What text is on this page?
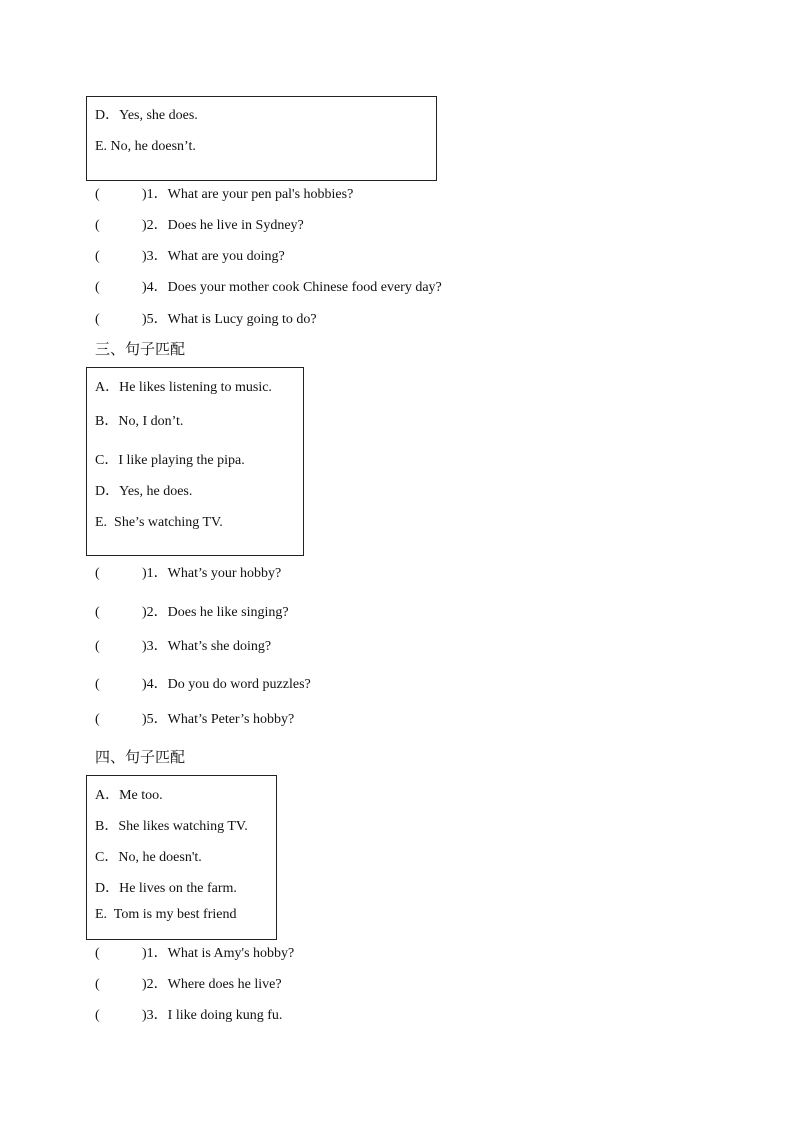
D．Yes, she does.
E. No, he doesn’t.
(	)1．What are your pen pal's hobbies?
(	)2．Does he live in Sydney?
(	)3．What are you doing?
(	)4．Does your mother cook Chinese food every day?
(	)5．What is Lucy going to do?
三、句子匹配
A．He likes listening to music.
B．No, I don’t.
C．I like playing the pipa.
D．Yes, he does.
E.  She’s watching TV.
(	)1．What’s your hobby?
(	)2．Does he like singing?
(	)3．What’s she doing?
(	)4．Do you do word puzzles?
(	)5．What’s Peter’s hobby?
四、句子匹配
A．Me too.
B．She likes watching TV.
C．No, he doesn't.
D．He lives on the farm.
E.  Tom is my best friend
(	)1．What is Amy's hobby?
(	)2．Where does he live?
(	)3．I like doing kung fu.
